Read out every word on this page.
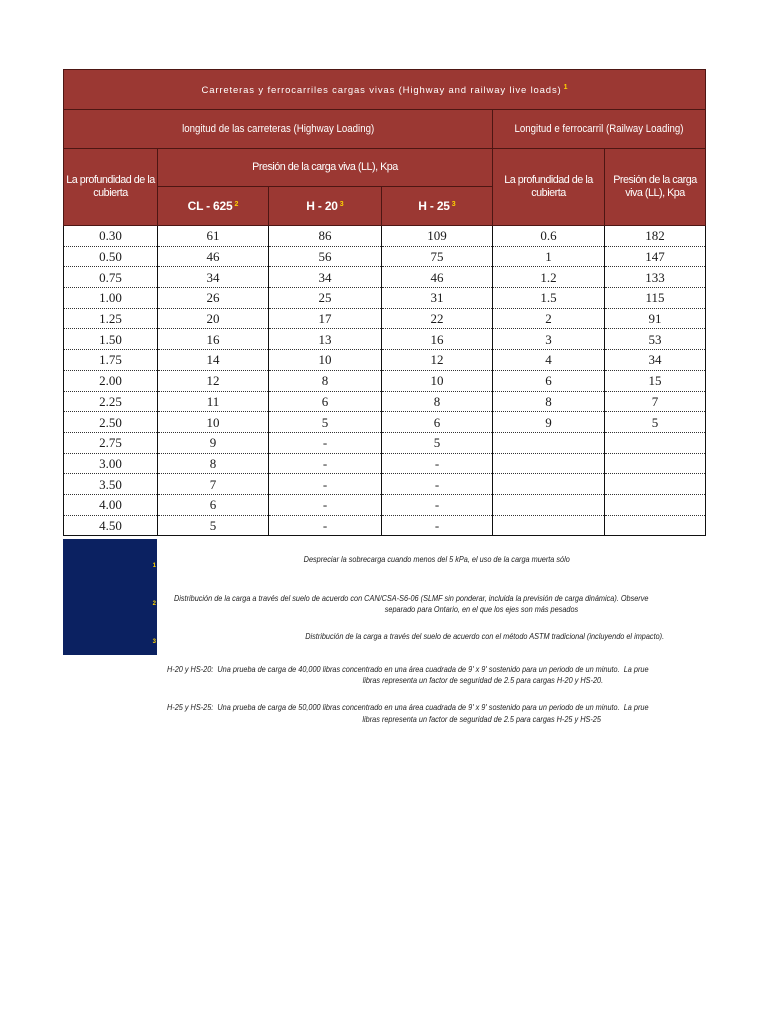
Carreteras y ferrocarriles cargas vivas (Highway and railway live loads) $^1$
longitud de las carreteras (Highway Loading)				Longitud e ferrocarril (Railway Loading)	
La profundidad de la cubierta	Presión de la carga viva (LL), Kpa			La profundidad de la cubierta	Presión de la carga viva (LL), Kpa
	CL - 625 $^2$	H - 20 $^3$	H - 25 $^3$
0.30	61	86	109	0.6	182
0.50	46	56	75	1	147
0.75	34	34	46	1.2	133
1.00	26	25	31	1.5	115
1.25	20	17	22	2	91
1.50	16	13	16	3	53
1.75	14	10	12	4	34
2.00	12	8	10	6	15
2.25	11	6	8	8	7
2.50	10	5	6	9	5
2.75	9	-	5		
3.00	8	-	-		
3.50	7	-	-		
4.00	6	-	-		
4.50	5	-	-		
1
2
3
Despreciar la sobrecarga cuando menos del 5 kPa, el uso de la carga muerta sólo
Distribución de la carga a través del suelo de acuerdo con CAN/CSA-S6-06 (SLMF sin ponderar, incluida la previsión de carga dinámica). Observe
separado para Ontario, en el que los ejes son más pesados
Distribución de la carga a través del suelo de acuerdo con el método ASTM tradicional (incluyendo el impacto).
H-20 y HS-20:  Una prueba de carga de 40,000 libras concentrado en una área cuadrada de 9' x 9' sostenido para un periodo de un minuto.  La prue
libras representa un factor de seguridad de 2.5 para cargas H-20 y HS-20.
H-25 y HS-25:  Una prueba de carga de 50,000 libras concentrado en una área cuadrada de 9' x 9' sostenido para un periodo de un minuto.  La prue
libras representa un factor de seguridad de 2.5 para cargas H-25 y HS-25
